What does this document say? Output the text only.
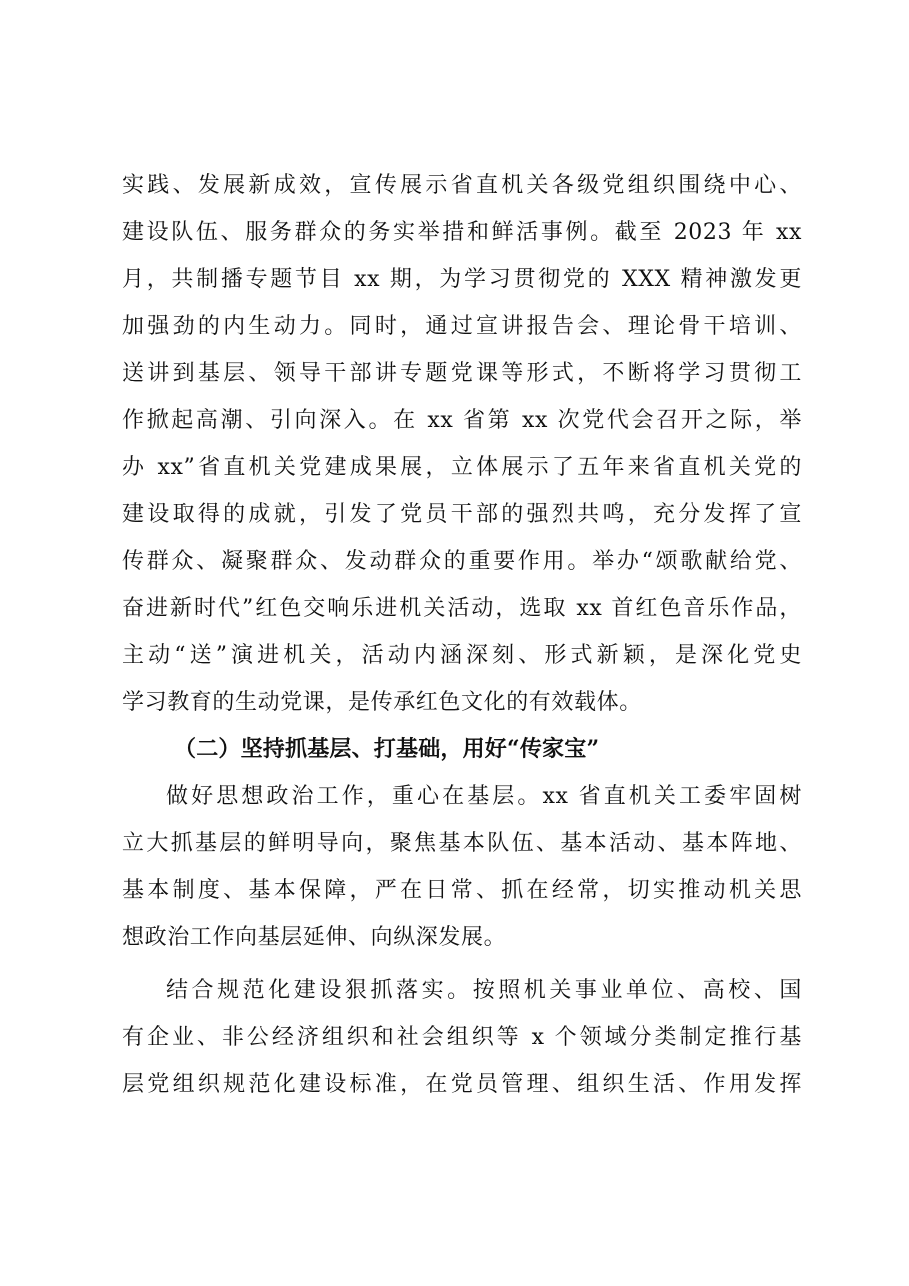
实践、发展新成效，宣传展示省直机关各级党组织围绕中心、
建设队伍、服务群众的务实举措和鲜活事例。截至 2023 年 xx
月，共制播专题节目 xx 期，为学习贯彻党的 XXX 精神激发更
加强劲的内生动力。同时，通过宣讲报告会、理论骨干培训、
送讲到基层、领导干部讲专题党课等形式，不断将学习贯彻工
作掀起高潮、引向深入。在 xx 省第 xx 次党代会召开之际，举
办 xx”省直机关党建成果展，立体展示了五年来省直机关党的
建设取得的成就，引发了党员干部的强烈共鸣，充分发挥了宣
传群众、凝聚群众、发动群众的重要作用。举办“颂歌献给党、
奋进新时代”红色交响乐进机关活动，选取 xx 首红色音乐作品，
主动“送”演进机关，活动内涵深刻、形式新颖，是深化党史
学习教育的生动党课，是传承红色文化的有效载体。
（二）坚持抓基层、打基础，用好“传家宝”
做好思想政治工作，重心在基层。xx 省直机关工委牢固树
立大抓基层的鲜明导向，聚焦基本队伍、基本活动、基本阵地、
基本制度、基本保障，严在日常、抓在经常，切实推动机关思
想政治工作向基层延伸、向纵深发展。
结合规范化建设狠抓落实。按照机关事业单位、高校、国
有企业、非公经济组织和社会组织等 x 个领域分类制定推行基
层党组织规范化建设标准，在党员管理、组织生活、作用发挥
